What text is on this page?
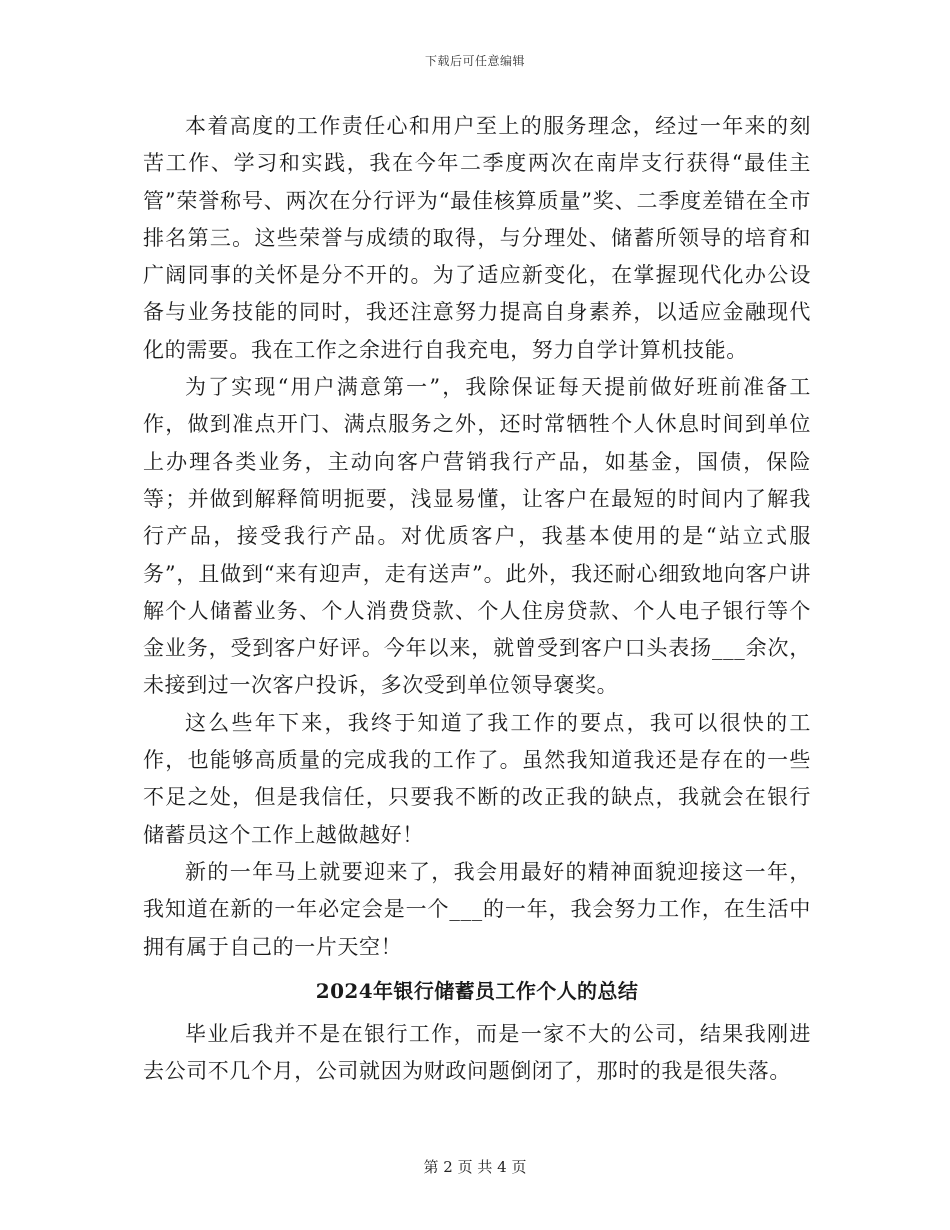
下载后可任意编辑

本着高度的工作责任心和用户至上的服务理念，经过一年来的刻苦工作、学习和实践，我在今年二季度两次在南岸支行获得“最佳主管”荣誉称号、两次在分行评为“最佳核算质量”奖、二季度差错在全市排名第三。这些荣誉与成绩的取得，与分理处、储蓄所领导的培育和广阔同事的关怀是分不开的。为了适应新变化，在掌握现代化办公设备与业务技能的同时，我还注意努力提高自身素养，以适应金融现代化的需要。我在工作之余进行自我充电，努力自学计算机技能。

为了实现“用户满意第一”，我除保证每天提前做好班前准备工作，做到准点开门、满点服务之外，还时常牺牲个人休息时间到单位上办理各类业务，主动向客户营销我行产品，如基金，国债，保险等；并做到解释简明扼要，浅显易懂，让客户在最短的时间内了解我行产品，接受我行产品。对优质客户，我基本使用的是“站立式服务”，且做到“来有迎声，走有送声”。此外，我还耐心细致地向客户讲解个人储蓄业务、个人消费贷款、个人住房贷款、个人电子银行等个金业务，受到客户好评。今年以来，就曾受到客户口头表扬___余次，未接到过一次客户投诉，多次受到单位领导褒奖。

这么些年下来，我终于知道了我工作的要点，我可以很快的工作，也能够高质量的完成我的工作了。虽然我知道我还是存在的一些不足之处，但是我信任，只要我不断的改正我的缺点，我就会在银行储蓄员这个工作上越做越好！

新的一年马上就要迎来了，我会用最好的精神面貌迎接这一年，我知道在新的一年必定会是一个___的一年，我会努力工作，在生活中拥有属于自己的一片天空！

2024年银行储蓄员工作个人的总结

毕业后我并不是在银行工作，而是一家不大的公司，结果我刚进去公司不几个月，公司就因为财政问题倒闭了，那时的我是很失落。

第 2 页 共 4 页
